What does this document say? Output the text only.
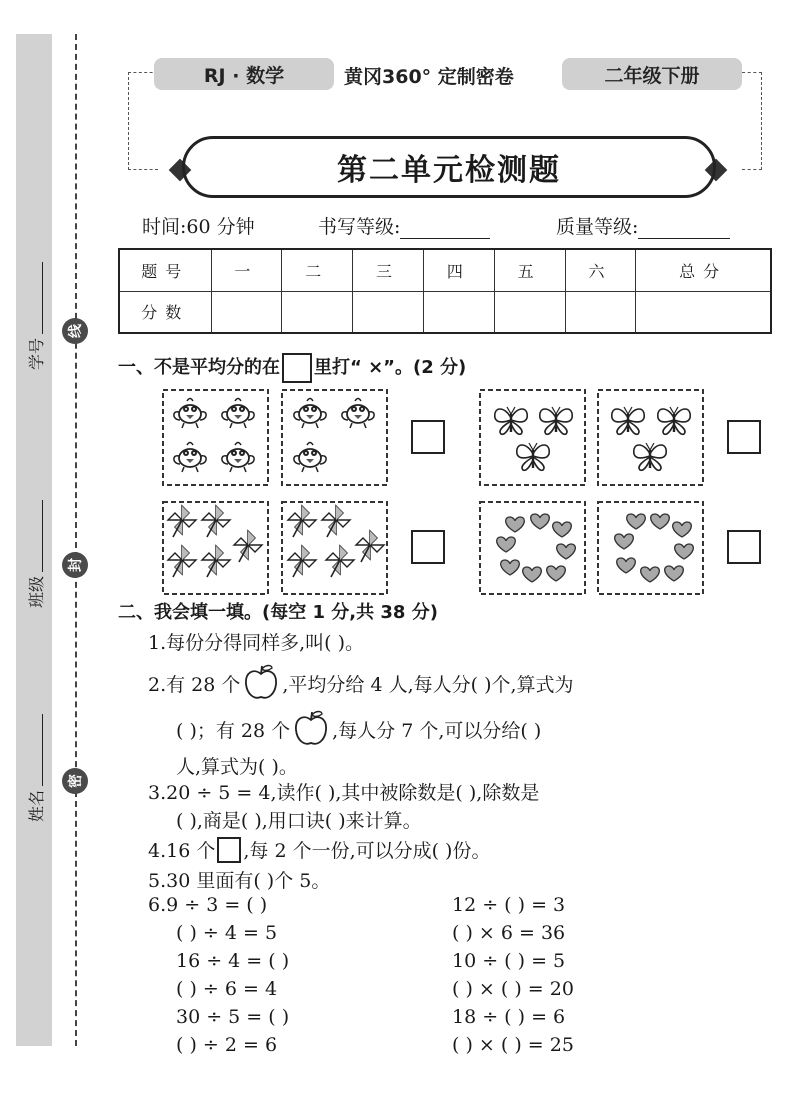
学号
班级
姓名
线
封
密
RJ · 数学	黄冈360° 定制密卷	二年级下册
第二单元检测题
时间:60 分钟	书写等级:	质量等级:
题号	一	二	三	四	五	六	总分
分数							
一、不是平均分的在 里打“ ×”。(2 分)
二、我会填一填。(每空 1 分,共 38 分)
1.每份分得同样多,叫( )。
2.有 28 个 ,平均分给 4 人,每人分( )个,算式为
( )；有 28 个 ,每人分 7 个,可以分给( )
人,算式为( )。
3.20 ÷ 5 = 4,读作( ),其中被除数是( ),除数是
( ),商是( ),用口诀( )来计算。
4.16 个 ,每 2 个一份,可以分成( )份。
5.30 里面有( )个 5。
6.9 ÷ 3 = ( )
( ) ÷ 4 = 5
16 ÷ 4 = ( )
( ) ÷ 6 = 4
30 ÷ 5 = ( )
( ) ÷ 2 = 6
12 ÷ ( ) = 3
( ) × 6 = 36
10 ÷ ( ) = 5
( ) × ( ) = 20
18 ÷ ( ) = 6
( ) × ( ) = 25
